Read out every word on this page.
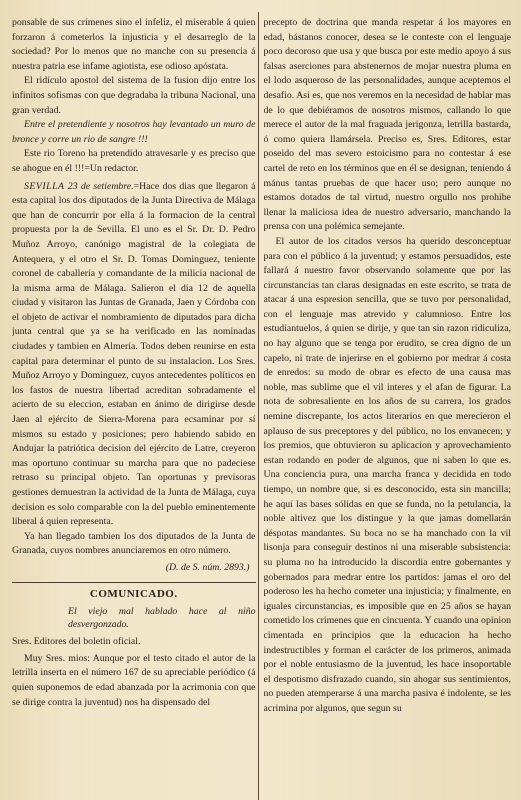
ponsable de sus crímenes sino el infeliz, el miserable á quien forzaron á cometerlos la injusticia y el desarreglo de la sociedad? Por lo menos que no manche con su presencia á nuestra patria ese infame agiotista, ese odioso apóstata.

El ridículo apostol del sistema de la fusion dijo entre los infinitos sofismas con que degradaba la tribuna Nacional, una gran verdad.

Entre el pretendiente y nosotros hay levantado un muro de bronce y corre un rio de sangre !!!

Este rio Toreno ha pretendido atravesarle y es preciso que se ahogue en él !!!=Un redactor.

SEVILLA 23 de setiembre.=Hace dos dias que llegaron á esta capital los dos diputados de la Junta Directiva de Málaga que han de concurrir por ella á la formacion de la central propuesta por la de Sevilla. El uno es el Sr. Dr. D. Pedro Muñoz Arroyo, canónigo magistral de la colegiata de Antequera, y el otro el Sr. D. Tomas Dominguez, teniente coronel de caballería y comandante de la milicia nacional de la misma arma de Málaga. Salieron el dia 12 de aquella ciudad y visitaron las Juntas de Granada, Jaen y Córdoba con el objeto de activar el nombramiento de diputados para dicha junta central que ya se ha verificado en las nominadas ciudades y tambien en Almería. Todos deben reunirse en esta capital para determinar el punto de su instalacion. Los Sres. Muñoz Arroyo y Dominguez, cuyos antecedentes políticos en los fastos de nuestra libertad acreditan sobradamente el acierto de su eleccion, estaban en ánimo de dirigirse desde Jaen al ejército de Sierra-Morena para ecsaminar por sí mismos su estado y posiciones; pero habiendo sabido en Andujar la patriótica decision del ejército de Latre, creyeron mas oportuno continuar su marcha para que no padeciese retraso su principal objeto. Tan oportunas y previsoras gestiones demuestran la actividad de la Junta de Málaga, cuya decision es solo comparable con la del pueblo eminentemente liberal á quien representa.

Ya han llegado tambien los dos diputados de la Junta de Granada, cuyos nombres anunciaremos en otro número.

(D. de S. núm. 2893.)
COMUNICADO.
El viejo mal hablado hace al niño desvergonzado.

Sres. Editores del boletin oficial.

Muy Sres. mios: Aunque por el testo citado el autor de la letrilla inserta en el número 167 de su apreciable periódico (á quien suponemos de edad abanzada por la acrimonia con que se dirige contra la juventud) nos ha dispensado del

precepto de doctrina que manda respetar á los mayores en edad, bástanos conocer, desea se le conteste con el lenguaje poco decoroso que usa y que busca por este medio apoyo á sus falsas aserciones para abstenernos de mojar nuestra pluma en el lodo asqueroso de las personalidades, aunque aceptemos el desafio. Asi es, que nos veremos en la necesidad de hablar mas de lo que debiéramos de nosotros mismos, callando lo que merece el autor de la mal fraguada jerigonza, letrilla bastarda, ó como quiera llamársela. Preciso es, Sres. Editores, estar poseido del mas severo estoicismo para no contestar á ese cartel de reto en los términos que en él se designan, teniendo á mánus tantas pruebas de que hacer uso; pero aunque no estamos dotados de tal virtud, nuestro orgullo nos prohibe llenar la maliciosa idea de nuestro adversario, manchando la prensa con una polémica semejante.

El autor de los citados versos ha querido desconceptuar para con el público á la juventud; y estamos persuadidos, este fallará á nuestro favor observando solamente que por las circunstancias tan claras designadas en este escrito, se trata de atacar á una espresion sencilla, que se tuvo por personalidad, con el lenguaje mas atrevido y calumnioso. Entre los estudiantuelos, á quien se dirije, y que tan sin razon ridiculiza, no hay alguno que se tenga por erudito, se crea digno de un capelo, ni trate de injerirse en el gobierno por medrar á costa de enredos: su modo de obrar es efecto de una causa mas noble, mas sublime que el vil interes y el afan de figurar. La nota de sobresaliente en los años de su carrera, los grados nemine discrepante, los actos literarios en que merecieron el aplauso de sus preceptores y del público, no los envanecen; y los premios, que obtuvieron su aplicacion y aprovechamiento estan rodando en poder de algunos, que ni saben lo que es. Una conciencia pura, una marcha franca y decidida en todo tiempo, un nombre que, si es desconocido, esta sin mancilla; he aquí las bases sólidas en que se funda, no la petulancia, la noble altivez que los distingue y la que jamas domellarán déspotas mandantes. Su boca no se ha manchado con la vil lisonja para conseguir destinos ni una miserable subsistencia: su pluma no ha introducido la discordia entre gobernantes y gobernados para medrar entre los partidos: jamas el oro del poderoso les ha hecho cometer una injusticia; y finalmente, en iguales circunstancias, es imposible que en 25 años se hayan cometido los crímenes que en cincuenta. Y cuando una opinion cimentada en principios que la educacion ha hecho indestructibles y forman el carácter de los primeros, animada por el noble entusiasmo de la juventud, les hace insoportable el despotismo disfrazado cuando, sin ahogar sus sentimientos, no pueden atemperarse á una marcha pasiva é indolente, se les acrimina por algunos, que segun su
